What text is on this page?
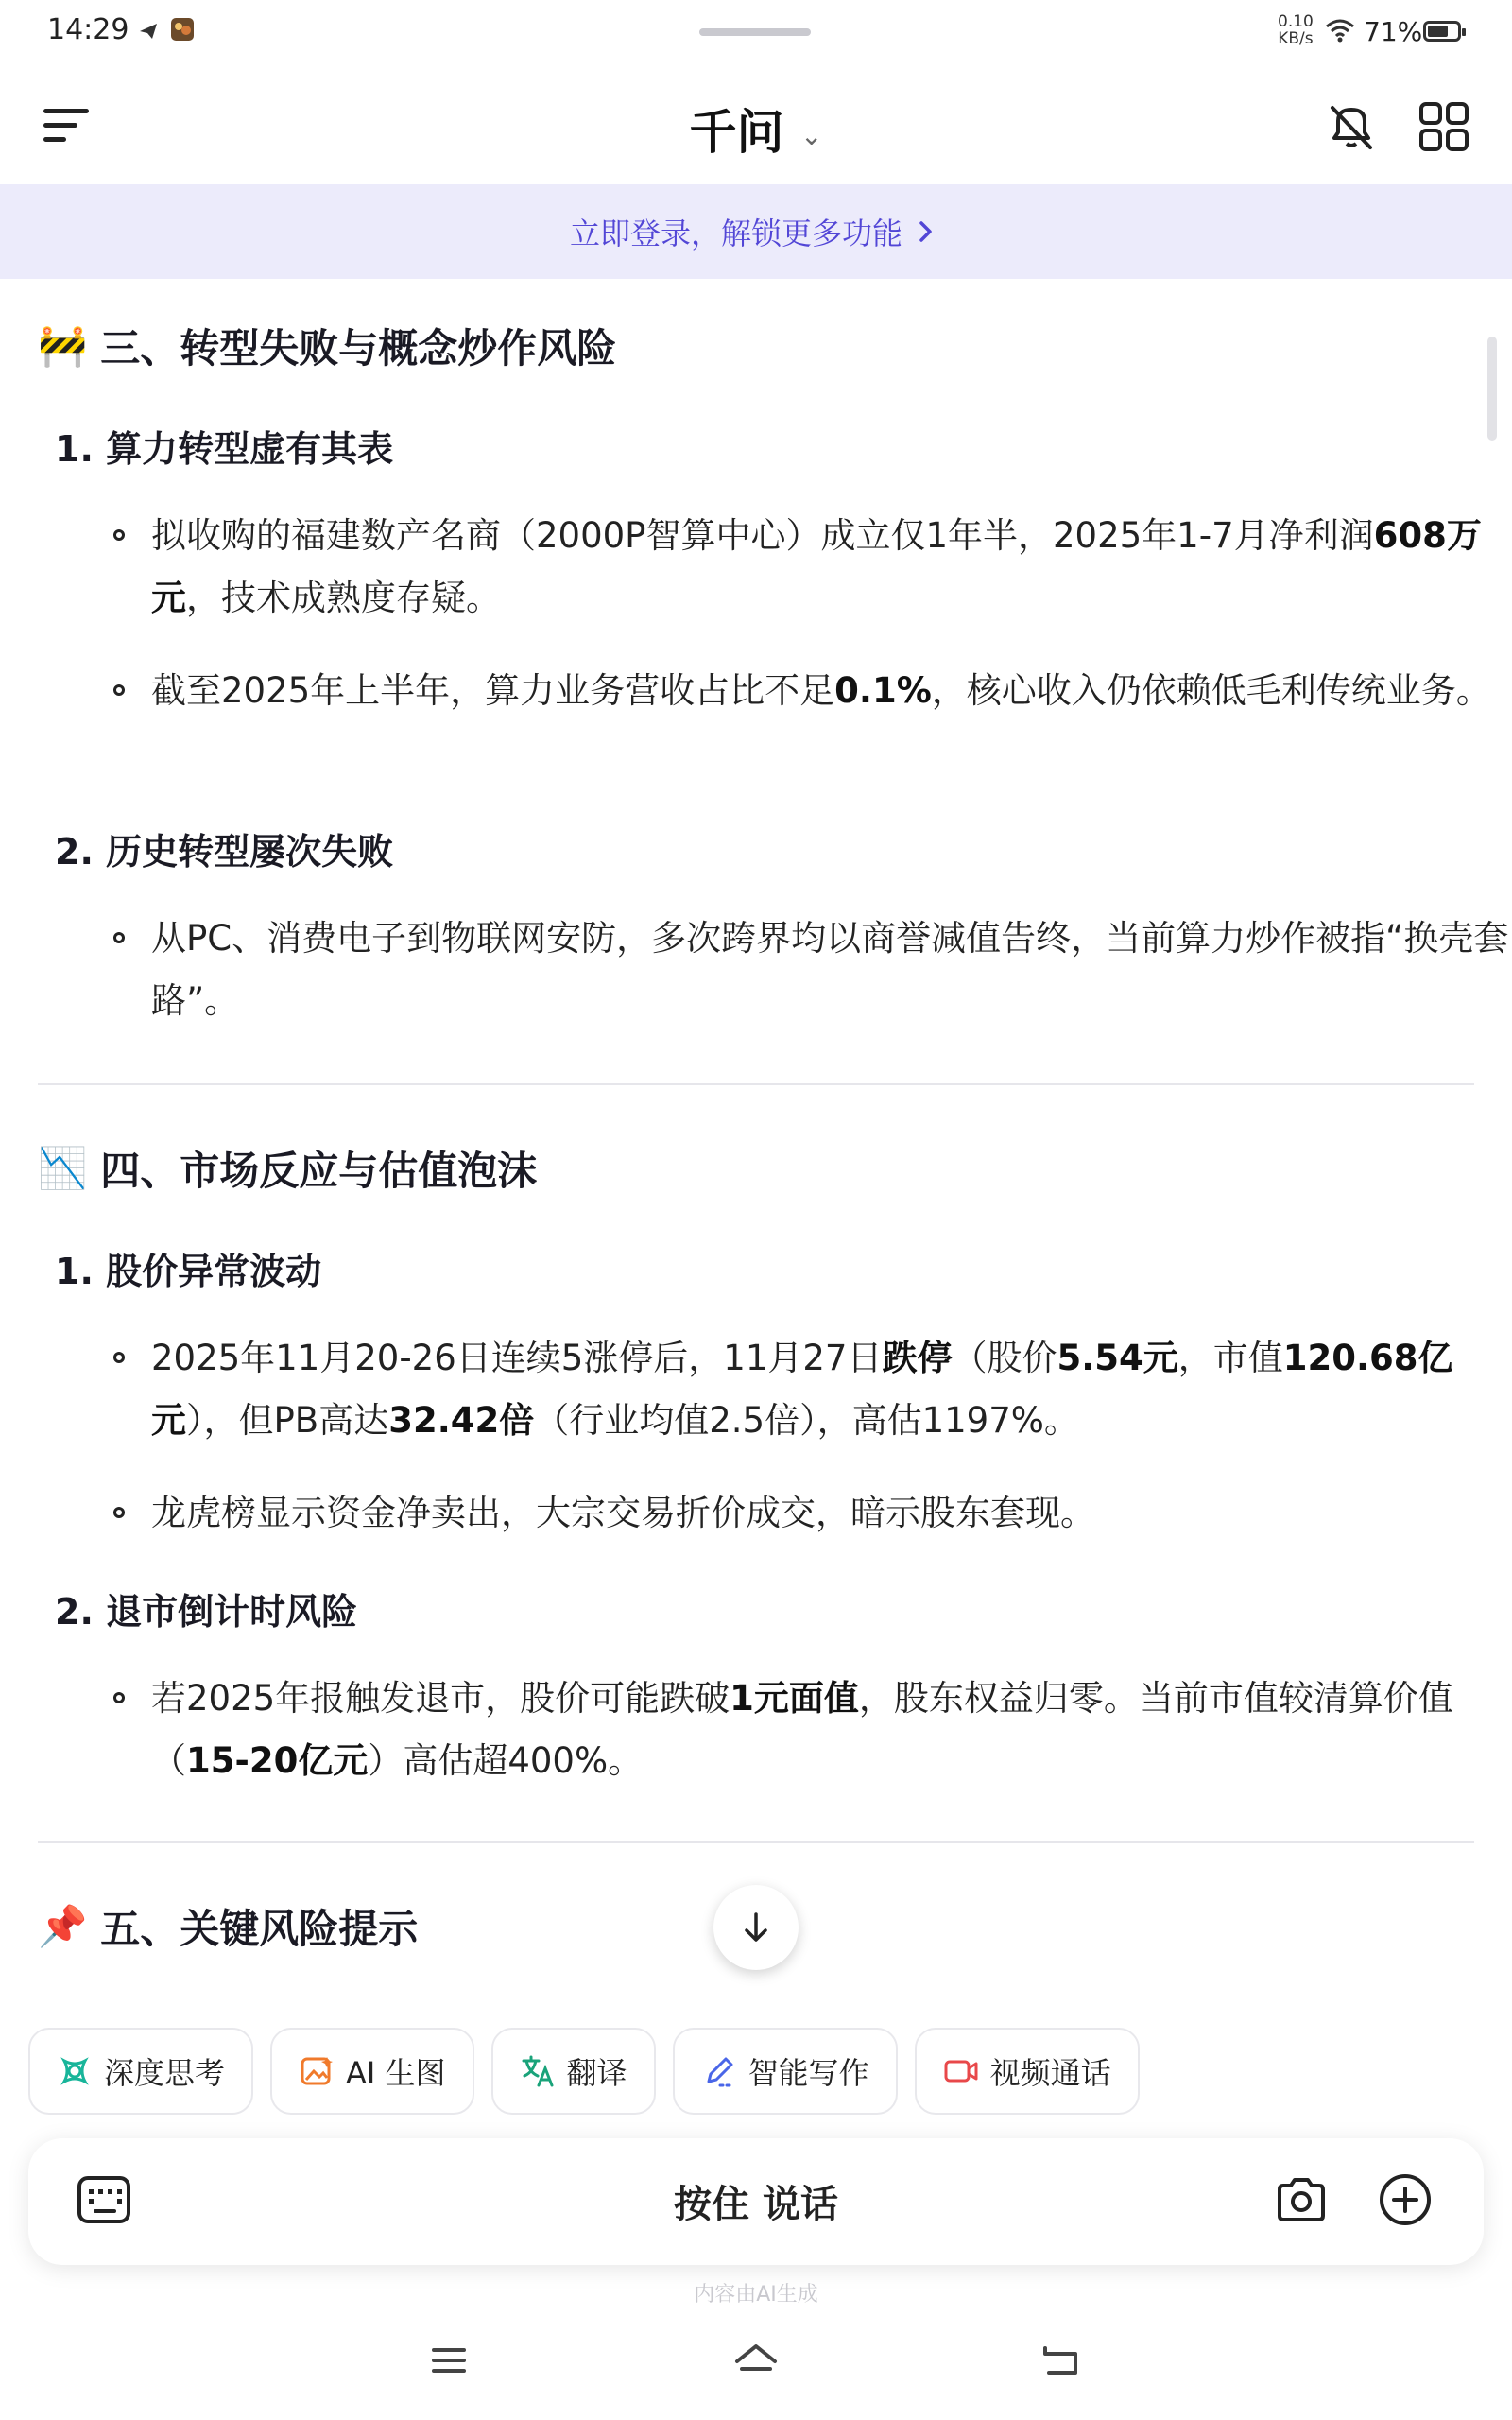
14:29	0.10
KB/s 71%
千问 ⌄
立即登录，解锁更多功能
🚧 三、转型失败与概念炒作风险
1. 算力转型虚有其表
拟收购的福建数产名商（2000P智算中心）成立仅1年半，2025年1-7月净利润608万元，技术成熟度存疑。
截至2025年上半年，算力业务营收占比不足0.1%，核心收入仍依赖低毛利传统业务。
2. 历史转型屡次失败
从PC、消费电子到物联网安防，多次跨界均以商誉减值告终，当前算力炒作被指“换壳套路”。
📉 四、市场反应与估值泡沫
1. 股价异常波动
2025年11月20-26日连续5涨停后，11月27日跌停（股价5.54元，市值120.68亿元），但PB高达32.42倍（行业均值2.5倍），高估1197%。
龙虎榜显示资金净卖出，大宗交易折价成交，暗示股东套现。
2. 退市倒计时风险
若2025年报触发退市，股价可能跌破1元面值，股东权益归零。当前市值较清算价值（15-20亿元）高估超400%。
📌 五、关键风险提示
深度思考	AI 生图	翻译	智能写作	视频通话
按住 说话
内容由AI生成
